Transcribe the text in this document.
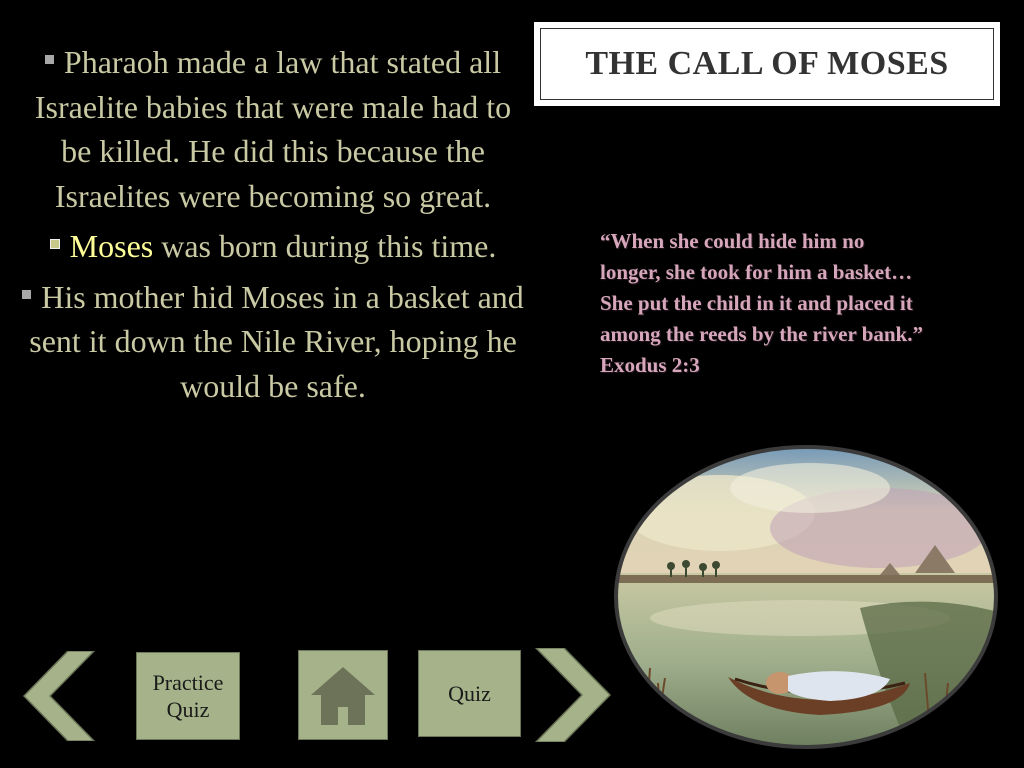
Pharaoh made a law that stated all Israelite babies that were male had to be killed. He did this because the Israelites were becoming so great.
Moses was born during this time.
His mother hid Moses in a basket and sent it down the Nile River, hoping he would be safe.
THE CALL OF MOSES
“When she could hide him no
longer, she took for him a basket…
She put the child in it and placed it
among the reeds by the river bank.”
Exodus 2:3
Practice
Quiz
Quiz
